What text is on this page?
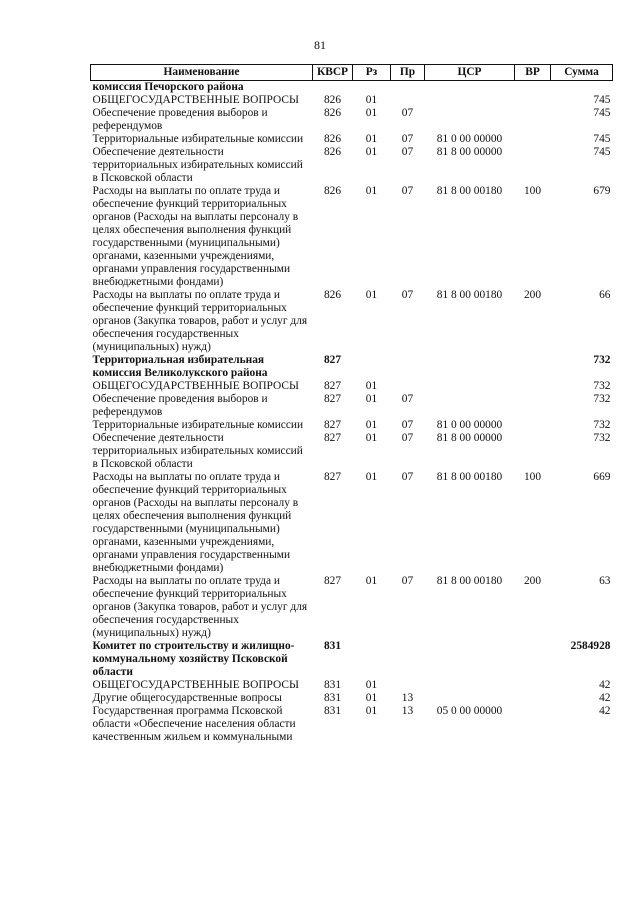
81
Наименование	КВСР	Рз	Пр	ЦСР	ВР	Сумма
комиссия Печорского района						
ОБЩЕГОСУДАРСТВЕННЫЕ ВОПРОСЫ	826	01				745
Обеспечение проведения выборов и референдумов	826	01	07			745
Территориальные избирательные комиссии	826	01	07	81 0 00 00000		745
Обеспечение деятельности территориальных избирательных комиссий в Псковской области	826	01	07	81 8 00 00000		745
Расходы на выплаты по оплате труда и обеспечение функций территориальных органов (Расходы на выплаты персоналу в целях обеспечения выполнения функций государственными (муниципальными) органами, казенными учреждениями, органами управления государственными внебюджетными фондами)	826	01	07	81 8 00 00180	100	679
Расходы на выплаты по оплате труда и обеспечение функций территориальных органов (Закупка товаров, работ и услуг для обеспечения государственных (муниципальных) нужд)	826	01	07	81 8 00 00180	200	66
Территориальная избирательная комиссия Великолукского района	827					732
ОБЩЕГОСУДАРСТВЕННЫЕ ВОПРОСЫ	827	01				732
Обеспечение проведения выборов и референдумов	827	01	07			732
Территориальные избирательные комиссии	827	01	07	81 0 00 00000		732
Обеспечение деятельности территориальных избирательных комиссий в Псковской области	827	01	07	81 8 00 00000		732
Расходы на выплаты по оплате труда и обеспечение функций территориальных органов (Расходы на выплаты персоналу в целях обеспечения выполнения функций государственными (муниципальными) органами, казенными учреждениями, органами управления государственными внебюджетными фондами)	827	01	07	81 8 00 00180	100	669
Расходы на выплаты по оплате труда и обеспечение функций территориальных органов (Закупка товаров, работ и услуг для обеспечения государственных (муниципальных) нужд)	827	01	07	81 8 00 00180	200	63
Комитет по строительству и жилищно-коммунальному хозяйству Псковской области	831					2584928
ОБЩЕГОСУДАРСТВЕННЫЕ ВОПРОСЫ	831	01				42
Другие общегосударственные вопросы	831	01	13			42
Государственная программа Псковской области «Обеспечение населения области качественным жильем и коммунальными	831	01	13	05 0 00 00000		42
